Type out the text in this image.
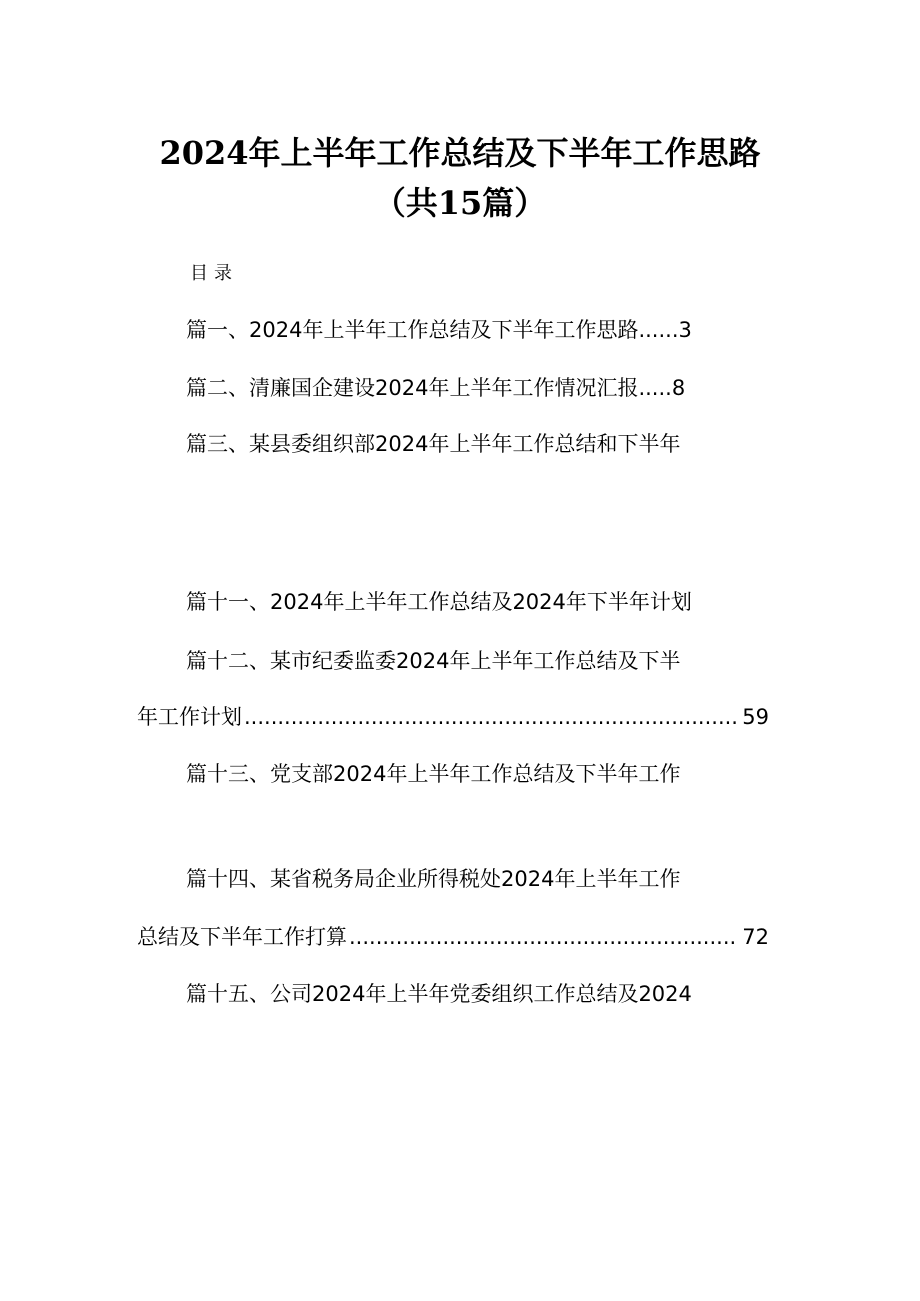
2024年上半年工作总结及下半年工作思路
（共15篇）
目录
篇一、2024年上半年工作总结及下半年工作思路......3
篇二、清廉国企建设2024年上半年工作情况汇报.....8
篇三、某县委组织部2024年上半年工作总结和下半年
篇十一、2024年上半年工作总结及2024年下半年计划
篇十二、某市纪委监委2024年上半年工作总结及下半
年工作计划 .....	59
篇十三、党支部2024年上半年工作总结及下半年工作
篇十四、某省税务局企业所得税处2024年上半年工作
总结及下半年工作打算 .....	72
篇十五、公司2024年上半年党委组织工作总结及2024
